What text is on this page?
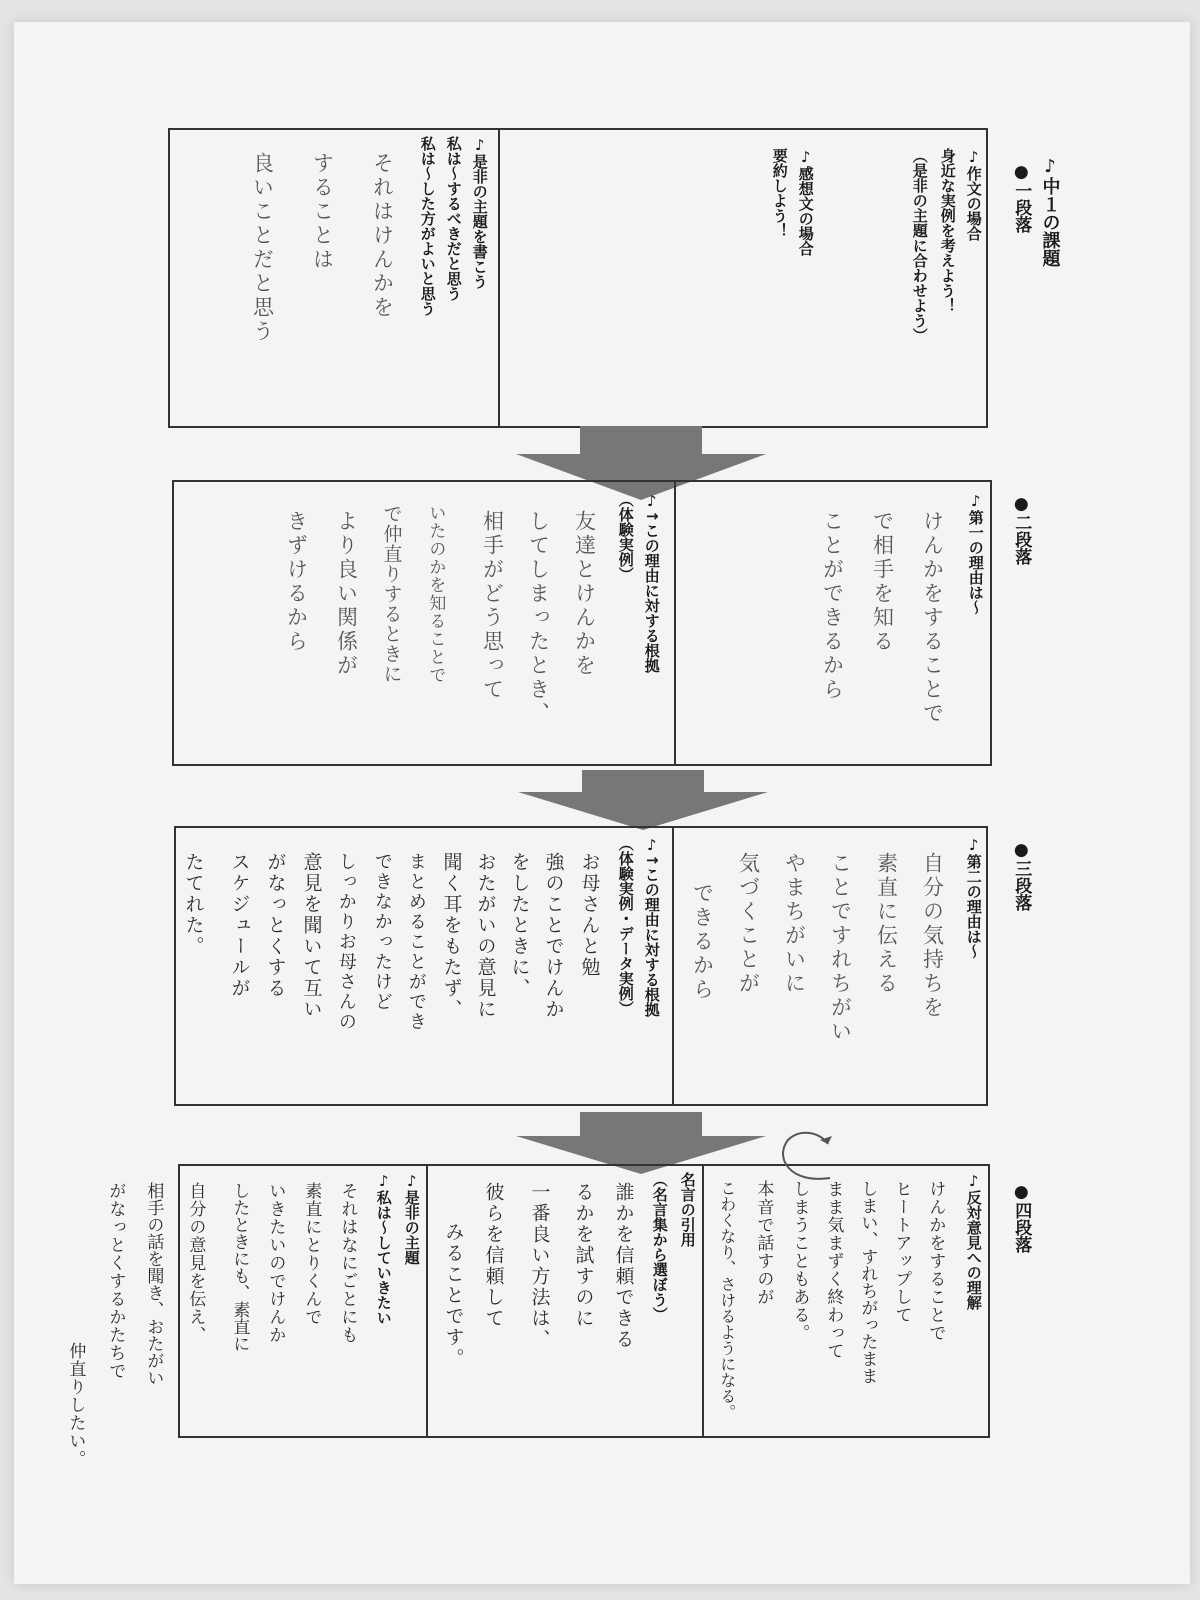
♪中１の課題
●一段落
♪作文の場合
身近な実例を考えよう！
（是非の主題に合わせよう）
♪感想文の場合
要約しよう！
♪是非の主題を書こう
私は〜するべきだと思う
私は〜した方がよいと思う
それはけんかを
することは
良いことだと思う
●二段落
♪第一の理由は〜
けんかをすることで
で相手を知る
ことができるから
♪↑この理由に対する根拠
（体験実例）
友達とけんかを
してしまったとき、
相手がどう思って
いたのかを知ることで
で仲直りするときに
より良い関係が
きずけるから
●三段落
♪第二の理由は〜
自分の気持ちを
素直に伝える
ことですれちがい
やまちがいに
気づくことが
できるから
♪↑この理由に対する根拠
（体験実例・データ実例）
お母さんと勉
強のことでけんか
をしたときに、
おたがいの意見に
聞く耳をもたず、
まとめることができ
できなかったけど
しっかりお母さんの
意見を聞いて互い
がなっとくする
スケジュールが
たてれた。
●四段落
♪反対意見への理解
けんかをすることで
ヒートアップして
しまい、すれちがったまま
まま気まずく終わって
しまうこともある。
本音で話すのが
こわくなり、さけるようになる。
名言の引用
（名言集から選ぼう）
誰かを信頼できる
るかを試すのに
一番良い方法は、
彼らを信頼して
みることです。
♪是非の主題
♪私は〜していきたい
それはなにごとにも
素直にとりくんで
いきたいのでけんか
したときにも、素直に
自分の意見を伝え、
相手の話を聞き、おたがい
がなっとくするかたちで
仲直りしたい。
